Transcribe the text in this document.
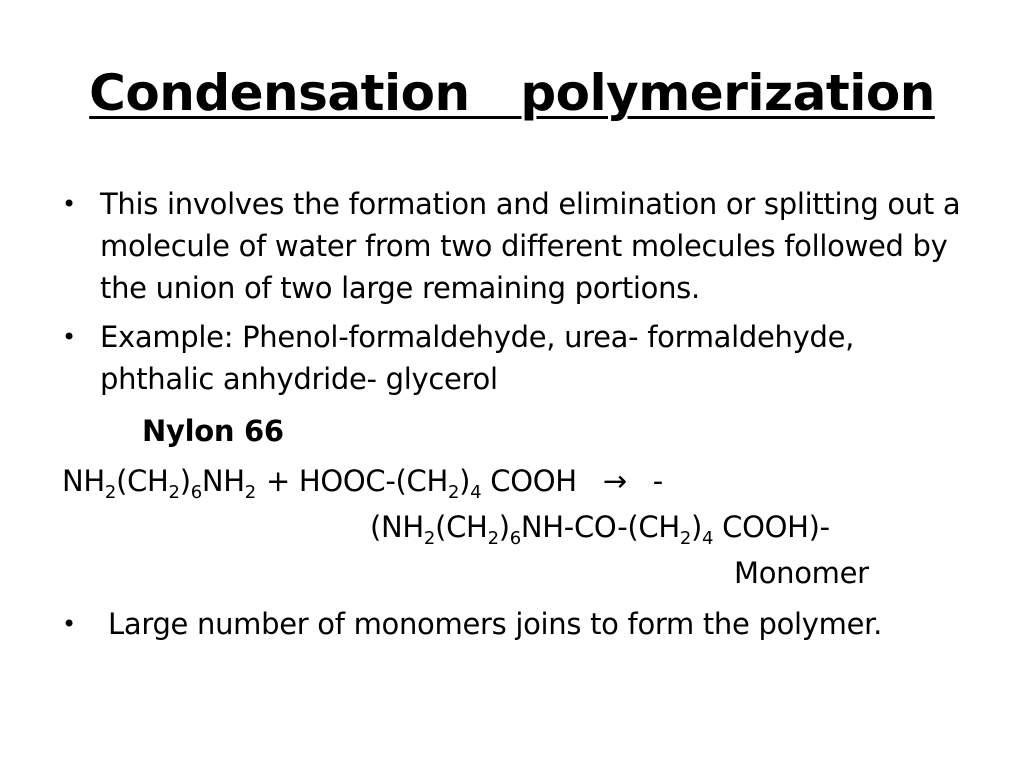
Condensation   polymerization
• This involves the formation and elimination or splitting out a molecule of water from two different molecules followed by the union of two large remaining portions.
• Example: Phenol-formaldehyde, urea- formaldehyde, phthalic anhydride- glycerol
Nylon 66
$NH_2(CH_2)_6NH_2$ + HOOC-$(CH_2)_4$ COOH → -
($NH_2(CH_2)_6NH-CO-(CH_2)_4$ COOH)-
Monomer
• Large number of monomers joins to form the polymer.
